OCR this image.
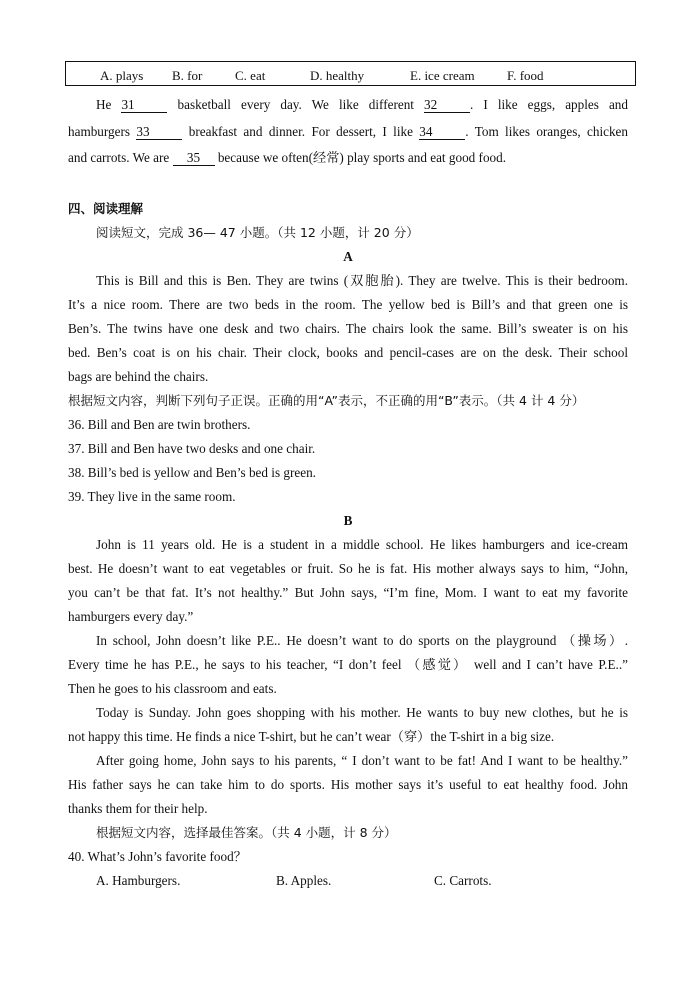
A. plays B. for	C. eat	D. healthy	E. ice cream F. food
He 31 basketball every day. We like different 32 . I like eggs, apples and
hamburgers 33 breakfast and dinner. For dessert, I like 34 . Tom likes oranges, chicken
and carrots. We are 35 because we often(经常) play sports and eat good food.
四、阅读理解
阅读短文，完成 36— 47 小题。（共 12 小题，计 20 分）
A
This is Bill and this is Ben. They are twins (双胞胎). They are twelve. This is their bedroom.
It’s a nice room. There are two beds in the room. The yellow bed is Bill’s and that green one is
Ben’s. The twins have one desk and two chairs. The chairs look the same. Bill’s sweater is on his
bed. Ben’s coat is on his chair. Their clock, books and pencil-cases are on the desk. Their school
bags are behind the chairs.
根据短文内容，判断下列句子正误。正确的用“A”表示，不正确的用“B”表示。（共 4 计 4 分）
36. Bill and Ben are twin brothers.
37. Bill and Ben have two desks and one chair.
38. Bill’s bed is yellow and Ben’s bed is green.
39. They live in the same room.
B
John is 11 years old. He is a student in a middle school. He likes hamburgers and ice-cream
best. He doesn’t want to eat vegetables or fruit. So he is fat. His mother always says to him, “John,
you can’t be that fat. It’s not healthy.” But John says, “I’m fine, Mom. I want to eat my favorite
hamburgers every day.”
In school, John doesn’t like P.E.. He doesn’t want to do sports on the playground （操场）.
Every time he has P.E., he says to his teacher, “I don’t feel （感觉） well and I can’t have P.E..”
Then he goes to his classroom and eats.
Today is Sunday. John goes shopping with his mother. He wants to buy new clothes, but he is
not happy this time. He finds a nice T-shirt, but he can’t wear（穿）the T-shirt in a big size.
After going home, John says to his parents, “ I don’t want to be fat! And I want to be healthy.”
His father says he can take him to do sports. His mother says it’s useful to eat healthy food. John
thanks them for their help.
根据短文内容，选择最佳答案。（共 4 小题，计 8 分）
40. What’s John’s favorite food？
A. Hamburgers.	B. Apples.	C. Carrots.
